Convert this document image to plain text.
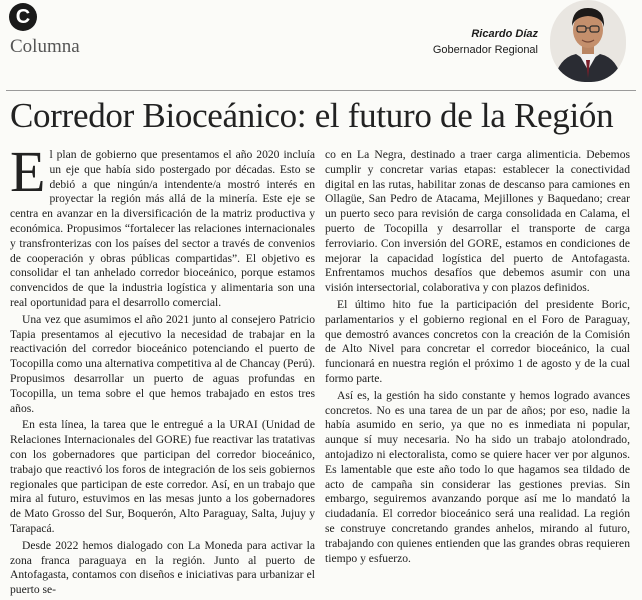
C
Columna
Ricardo Díaz
Gobernador Regional
Corredor Bioceánico: el futuro de la Región

El plan de gobierno que presentamos el año 2020 incluía un eje que había sido postergado por décadas. Esto se debió a que ningún/a intendente/a mostró interés en proyectar la región más allá de la minería. Este eje se centra en avanzar en la diversificación de la matriz productiva y económica. Propusimos “fortalecer las relaciones internacionales y transfronterizas con los países del sector a través de convenios de cooperación y obras públicas compartidas”. El objetivo es consolidar el tan anhelado corredor bioceánico, porque estamos convencidos de que la industria logística y alimentaria son una real oportunidad para el desarrollo comercial.

Una vez que asumimos el año 2021 junto al consejero Patricio Tapia presentamos al ejecutivo la necesidad de trabajar en la reactivación del corredor bioceánico potenciando el puerto de Tocopilla como una alternativa competitiva al de Chancay (Perú). Propusimos desarrollar un puerto de aguas profundas en Tocopilla, un tema sobre el que hemos trabajado en estos tres años.

En esta línea, la tarea que le entregué a la URAI (Unidad de Relaciones Internacionales del GORE) fue reactivar las tratativas con los gobernadores que participan del corredor bioceánico, trabajo que reactivó los foros de integración de los seis gobiernos regionales que participan de este corredor. Así, en un trabajo que mira al futuro, estuvimos en las mesas junto a los gobernadores de Mato Grosso del Sur, Boquerón, Alto Paraguay, Salta, Jujuy y Tarapacá.

Desde 2022 hemos dialogado con La Moneda para activar la zona franca paraguaya en la región. Junto al puerto de Antofagasta, contamos con diseños e iniciativas para urbanizar el puerto se-

co en La Negra, destinado a traer carga alimenticia. Debemos cumplir y concretar varias etapas: establecer la conectividad digital en las rutas, habilitar zonas de descanso para camiones en Ollagüe, San Pedro de Atacama, Mejillones y Baquedano; crear un puerto seco para revisión de carga consolidada en Calama, el puerto de Tocopilla y desarrollar el transporte de carga ferroviario. Con inversión del GORE, estamos en condiciones de mejorar la capacidad logística del puerto de Antofagasta. Enfrentamos muchos desafíos que debemos asumir con una visión intersectorial, colaborativa y con plazos definidos.

El último hito fue la participación del presidente Boric, parlamentarios y el gobierno regional en el Foro de Paraguay, que demostró avances concretos con la creación de la Comisión de Alto Nivel para concretar el corredor bioceánico, la cual funcionará en nuestra región el próximo 1 de agosto y de la cual formo parte.

Así es, la gestión ha sido constante y hemos logrado avances concretos. No es una tarea de un par de años; por eso, nadie la había asumido en serio, ya que no es inmediata ni popular, aunque sí muy necesaria. No ha sido un trabajo atolondrado, antojadizo ni electoralista, como se quiere hacer ver por algunos. Es lamentable que este año todo lo que hagamos sea tildado de acto de campaña sin considerar las gestiones previas. Sin embargo, seguiremos avanzando porque así me lo mandató la ciudadanía. El corredor bioceánico será una realidad. La región se construye concretando grandes anhelos, mirando al futuro, trabajando con quienes entienden que las grandes obras requieren tiempo y esfuerzo.
